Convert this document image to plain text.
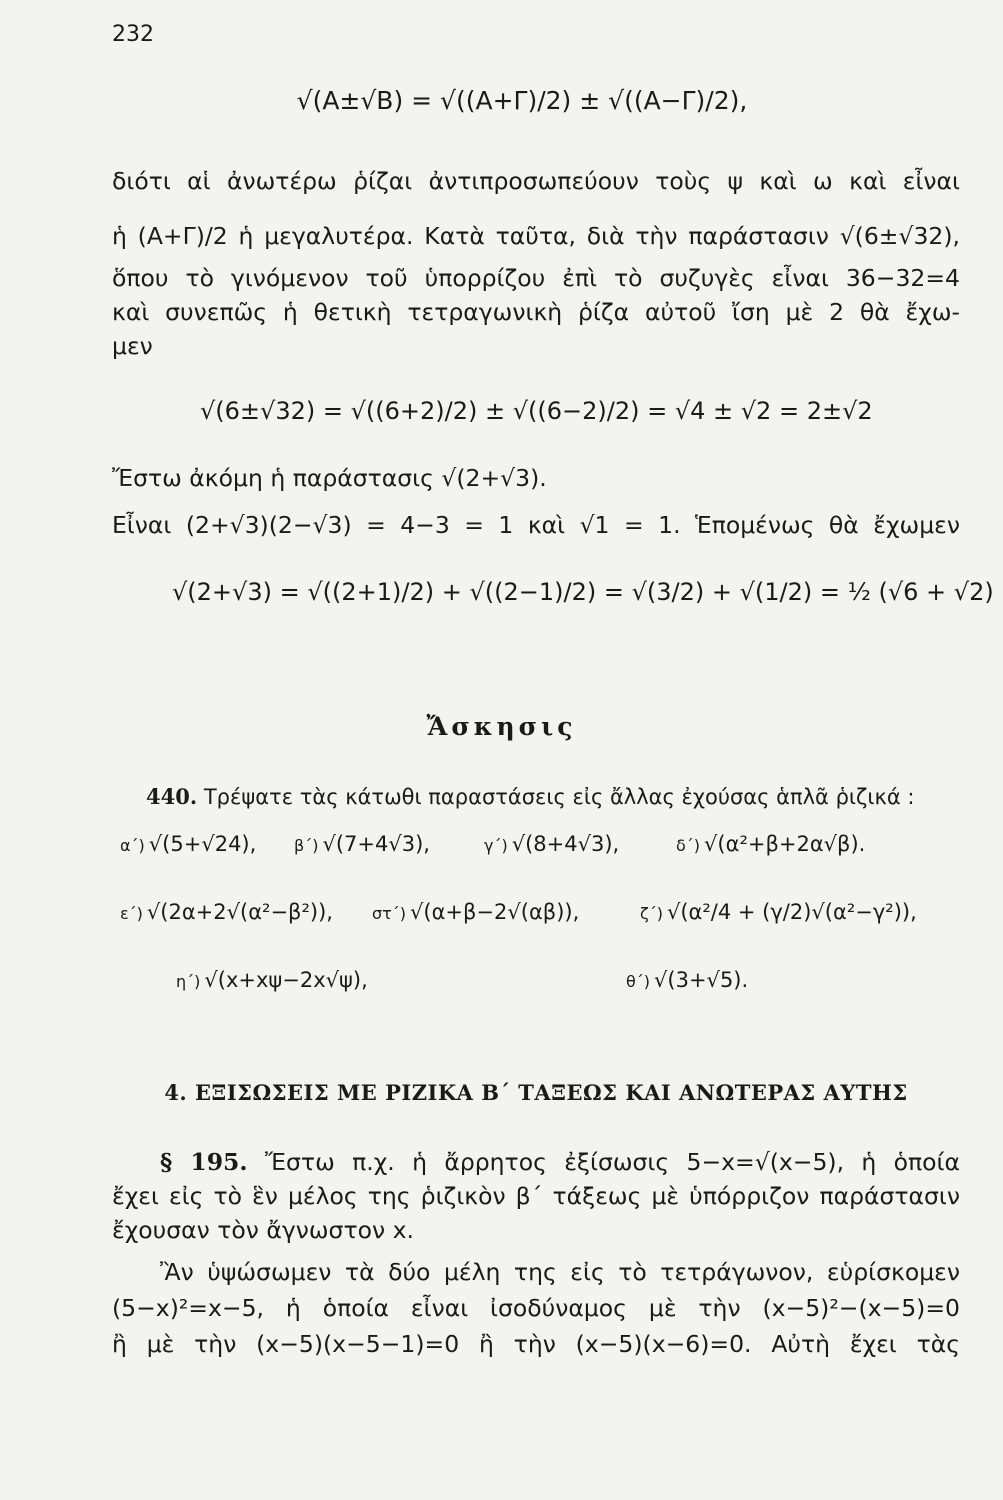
232
√(Α±√Β) = √((Α+Γ)/2) ± √((Α−Γ)/2),
διότι αἱ ἀνωτέρω ῥίζαι ἀντιπροσωπεύουν τοὺς ψ καὶ ω καὶ εἶναι
ἡ (Α+Γ)/2 ἡ μεγαλυτέρα. Κατὰ ταῦτα, διὰ τὴν παράστασιν √(6±√32),
ὅπου τὸ γινόμενον τοῦ ὑπορρίζου ἐπὶ τὸ συζυγὲς εἶναι 36−32=4
καὶ συνεπῶς ἡ θετικὴ τετραγωνικὴ ῥίζα αὐτοῦ ἴση μὲ 2 θὰ ἔχω-
μεν
√(6±√32) = √((6+2)/2) ± √((6−2)/2) = √4 ± √2 = 2±√2
Ἔστω ἀκόμη ἡ παράστασις √(2+√3).
Εἶναι (2+√3)(2−√3) = 4−3 = 1 καὶ √1 = 1. Ἑπομένως θὰ ἔχωμεν
√(2+√3) = √((2+1)/2) + √((2−1)/2) = √(3/2) + √(1/2) = ½ (√6 + √2)
Ἄσκησις
440. Τρέψατε τὰς κάτωθι παραστάσεις εἰς ἄλλας ἐχούσας ἁπλᾶ ῥιζικά :
α΄) √(5+√24), β΄) √(7+4√3),	γ΄) √(8+4√3),	δ΄) √(α²+β+2α√β).
ε΄) √(2α+2√(α²−β²)), στ΄) √(α+β−2√(αβ)),	ζ΄) √(α²/4 + (γ/2)√(α²−γ²)),
η΄) √(x+xψ−2x√ψ),	θ΄) √(3+√5).
4. ΕΞΙΣΩΣΕΙΣ ΜΕ ΡΙΖΙΚΑ Β΄ ΤΑΞΕΩΣ ΚΑΙ ΑΝΩΤΕΡΑΣ ΑΥΤΗΣ
§ 195. Ἔστω π.χ. ἡ ἄρρητος ἐξίσωσις 5−x=√(x−5), ἡ ὁποία
ἔχει εἰς τὸ ἓν μέλος της ῥιζικὸν β΄ τάξεως μὲ ὑπόρριζον παράστασιν
ἔχουσαν τὸν ἄγνωστον x.
Ἂν ὑψώσωμεν τὰ δύο μέλη της εἰς τὸ τετράγωνον, εὑρίσκομεν
(5−x)²=x−5, ἡ ὁποία εἶναι ἰσοδύναμος μὲ τὴν (x−5)²−(x−5)=0
ἢ μὲ τὴν (x−5)(x−5−1)=0 ἢ τὴν (x−5)(x−6)=0. Αὐτὴ ἔχει τὰς
